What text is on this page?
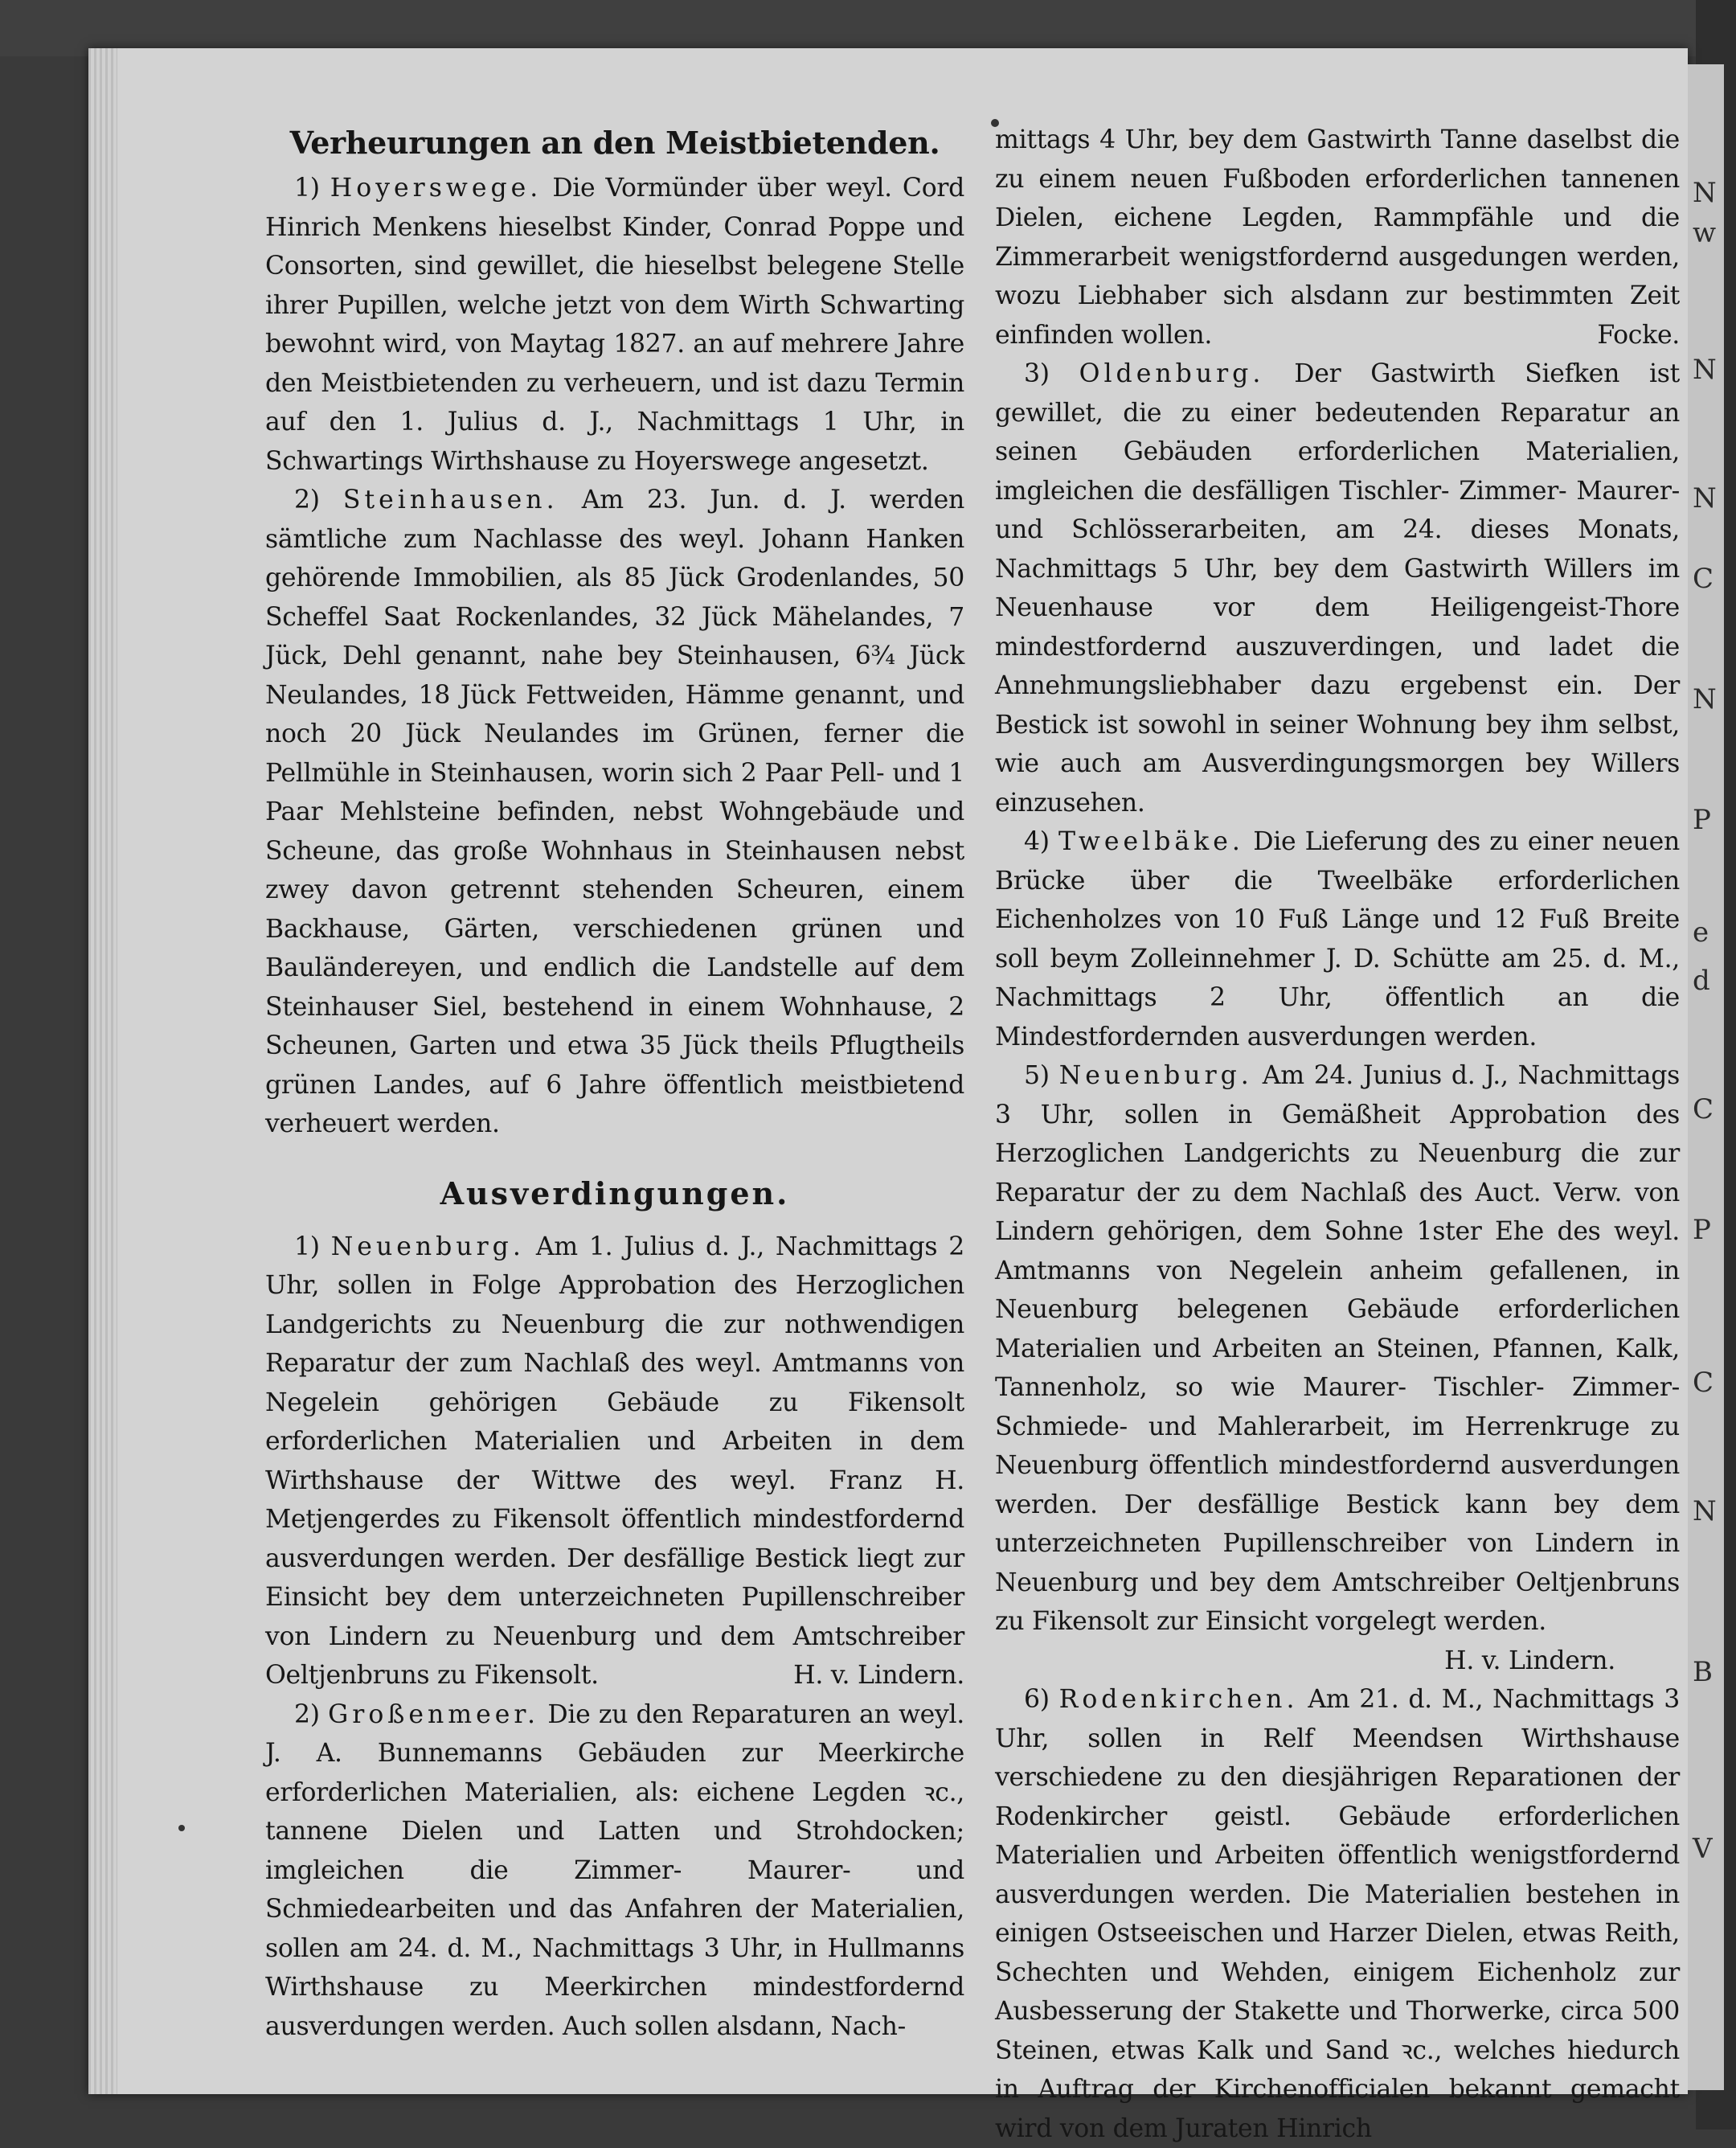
N
w
N
N
C
N
P
e
d
C
P
C
N
B
V
Verheurungen an den Meistbietenden.

1) Hoyerswege. Die Vormünder über weyl. Cord Hinrich Menkens hieselbst Kinder, Conrad Poppe und Consorten, sind gewillet, die hieselbst belegene Stelle ihrer Pupillen, welche jetzt von dem Wirth Schwarting bewohnt wird, von Maytag 1827. an auf mehrere Jahre den Meistbietenden zu verheuern, und ist dazu Termin auf den 1. Julius d. J., Nachmittags 1 Uhr, in Schwartings Wirthshause zu Hoyerswege angesetzt.

2) Steinhausen. Am 23. Jun. d. J. werden sämtliche zum Nachlasse des weyl. Johann Hanken gehörende Immobilien, als 85 Jück Grodenlandes, 50 Scheffel Saat Rockenlandes, 32 Jück Mähelandes, 7 Jück, Dehl genannt, nahe bey Steinhausen, 6¾ Jück Neulandes, 18 Jück Fettweiden, Hämme genannt, und noch 20 Jück Neulandes im Grünen, ferner die Pellmühle in Steinhausen, worin sich 2 Paar Pell- und 1 Paar Mehlsteine befinden, nebst Wohngebäude und Scheune, das große Wohnhaus in Steinhausen nebst zwey davon getrennt stehenden Scheuren, einem Backhause, Gärten, verschiedenen grünen und Bauländereyen, und endlich die Landstelle auf dem Steinhauser Siel, bestehend in einem Wohnhause, 2 Scheunen, Garten und etwa 35 Jück theils Pflugtheils grünen Landes, auf 6 Jahre öffentlich meistbietend verheuert werden.

Ausverdingungen.

1) Neuenburg. Am 1. Julius d. J., Nachmittags 2 Uhr, sollen in Folge Approbation des Herzoglichen Landgerichts zu Neuenburg die zur nothwendigen Reparatur der zum Nachlaß des weyl. Amtmanns von Negelein gehörigen Gebäude zu Fikensolt erforderlichen Materialien und Arbeiten in dem Wirthshause der Wittwe des weyl. Franz H. Metjengerdes zu Fikensolt öffentlich mindestfordernd ausverdungen werden. Der desfällige Bestick liegt zur Einsicht bey dem unterzeichneten Pupillenschreiber von Lindern zu Neuenburg und dem Amtschreiber Oeltjenbruns zu Fikensolt.	H. v. Lindern.

2) Großenmeer. Die zu den Reparaturen an weyl. J. A. Bunnemanns Gebäuden zur Meerkirche erforderlichen Materialien, als: eichene Legden ꝛc., tannene Dielen und Latten und Strohdocken; imgleichen die Zimmer- Maurer- und Schmiedearbeiten und das Anfahren der Materialien, sollen am 24. d. M., Nachmittags 3 Uhr, in Hullmanns Wirthshause zu Meerkirchen mindestfordernd ausverdungen werden. Auch sollen alsdann, Nach-

mittags 4 Uhr, bey dem Gastwirth Tanne daselbst die zu einem neuen Fußboden erforderlichen tannenen Dielen, eichene Legden, Rammpfähle und die Zimmerarbeit wenigstfordernd ausgedungen werden, wozu Liebhaber sich alsdann zur bestimmten Zeit einfinden wollen.	Focke.

3) Oldenburg. Der Gastwirth Siefken ist gewillet, die zu einer bedeutenden Reparatur an seinen Gebäuden erforderlichen Materialien, imgleichen die desfälligen Tischler- Zimmer- Maurer- und Schlösserarbeiten, am 24. dieses Monats, Nachmittags 5 Uhr, bey dem Gastwirth Willers im Neuenhause vor dem Heiligengeist-Thore mindestfordernd auszuverdingen, und ladet die Annehmungsliebhaber dazu ergebenst ein. Der Bestick ist sowohl in seiner Wohnung bey ihm selbst, wie auch am Ausverdingungsmorgen bey Willers einzusehen.

4) Tweelbäke. Die Lieferung des zu einer neuen Brücke über die Tweelbäke erforderlichen Eichenholzes von 10 Fuß Länge und 12 Fuß Breite soll beym Zolleinnehmer J. D. Schütte am 25. d. M., Nachmittags 2 Uhr, öffentlich an die Mindestfordernden ausverdungen werden.

5) Neuenburg. Am 24. Junius d. J., Nachmittags 3 Uhr, sollen in Gemäßheit Approbation des Herzoglichen Landgerichts zu Neuenburg die zur Reparatur der zu dem Nachlaß des Auct. Verw. von Lindern gehörigen, dem Sohne 1ster Ehe des weyl. Amtmanns von Negelein anheim gefallenen, in Neuenburg belegenen Gebäude erforderlichen Materialien und Arbeiten an Steinen, Pfannen, Kalk, Tannenholz, so wie Maurer- Tischler- Zimmer- Schmiede- und Mahlerarbeit, im Herrenkruge zu Neuenburg öffentlich mindestfordernd ausverdungen werden. Der desfällige Bestick kann bey dem unterzeichneten Pupillenschreiber von Lindern in Neuenburg und bey dem Amtschreiber Oeltjenbruns zu Fikensolt zur Einsicht vorgelegt werden.

H. v. Lindern.

6) Rodenkirchen. Am 21. d. M., Nachmittags 3 Uhr, sollen in Relf Meendsen Wirthshause verschiedene zu den diesjährigen Reparationen der Rodenkircher geistl. Gebäude erforderlichen Materialien und Arbeiten öffentlich wenigstfordernd ausverdungen werden. Die Materialien bestehen in einigen Ostseeischen und Harzer Dielen, etwas Reith, Schechten und Wehden, einigem Eichenholz zur Ausbesserung der Stakette und Thorwerke, circa 500 Steinen, etwas Kalk und Sand ꝛc., welches hiedurch in Auftrag der Kirchenofficialen bekannt gemacht wird von dem Juraten Hinrich
